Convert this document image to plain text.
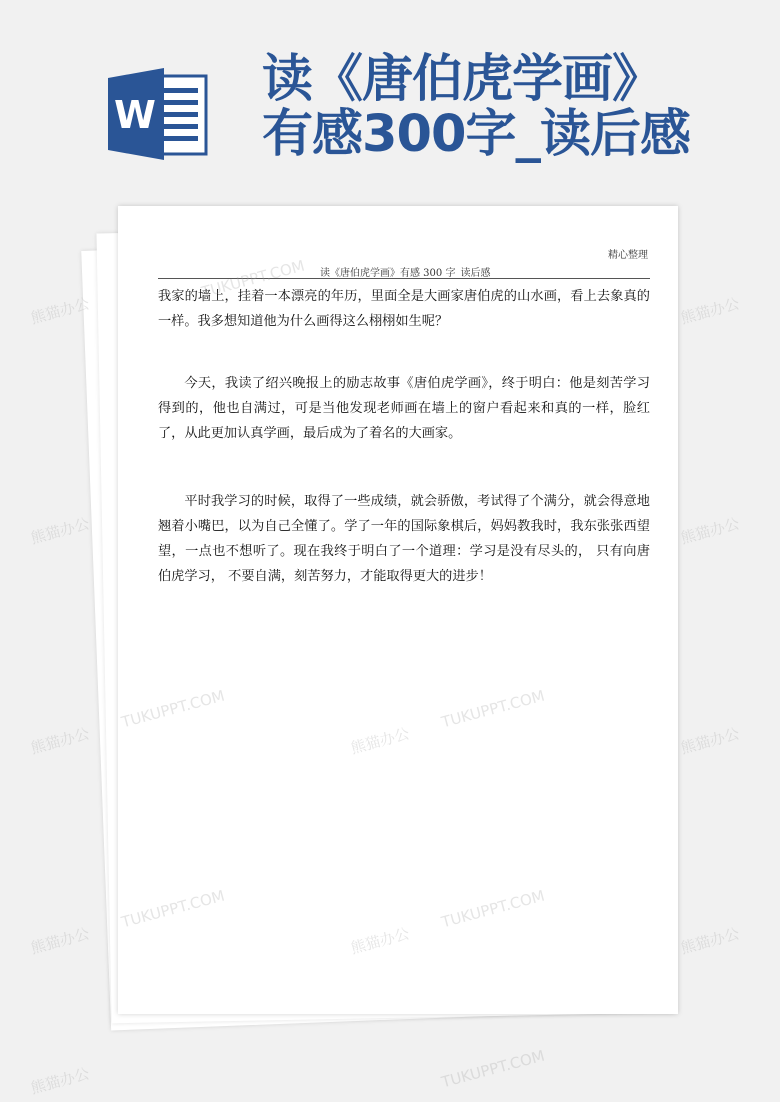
W
读《唐伯虎学画》
有感300字_读后感
精心整理
读《唐伯虎学画》有感 300 字_读后感
我家的墙上，挂着一本漂亮的年历，里面全是大画家唐伯虎的山水画，看上去象真的一样。我多想知道他为什么画得这么栩栩如生呢？
今天，我读了绍兴晚报上的励志故事《唐伯虎学画》，终于明白：他是刻苦学习得到的，他也自满过，可是当他发现老师画在墙上的窗户看起来和真的一样，脸红了，从此更加认真学画，最后成为了着名的大画家。
平时我学习的时候，取得了一些成绩，就会骄傲，考试得了个满分，就会得意地翘着小嘴巴，以为自己全懂了。学了一年的国际象棋后，妈妈教我时，我东张张西望望，一点也不想听了。现在我终于明白了一个道理：学习是没有尽头的， 只有向唐伯虎学习， 不要自满，刻苦努力，才能取得更大的进步！
熊猫办公
TUKUPPT.COM
熊猫办公
熊猫办公	熊猫办公
熊猫办公
TUKUPPT.COM
熊猫办公
TUKUPPT.COM
熊猫办公
熊猫办公
TUKUPPT.COM
熊猫办公
TUKUPPT.COM
熊猫办公
熊猫办公	TUKUPPT.COM
